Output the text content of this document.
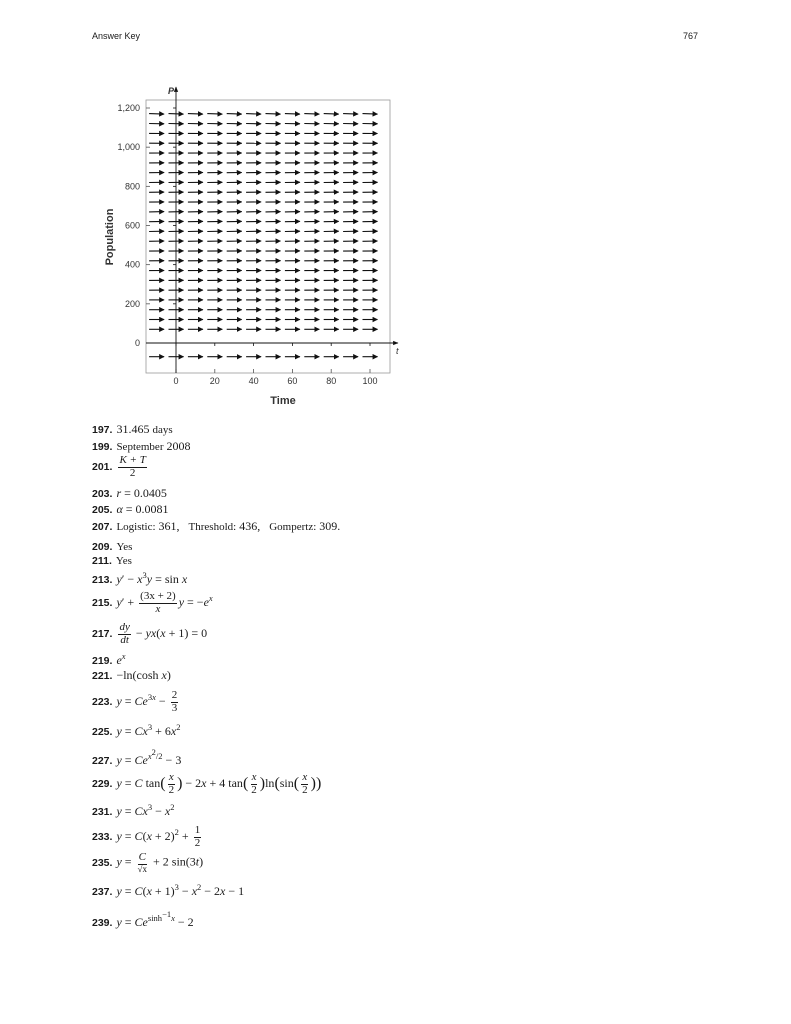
Answer Key	767
0	20	40	60	80	100
0
200
400
600
800
1,000
1,200
P
t
Time
Population
197. 31.465 days
199. September 2008
201. $\frac{K + T}{2}$
203. r = 0.0405
205. α = 0.0081
207. Logistic: 361, Threshold: 436, Gompertz: 309.
209. Yes
211. Yes
213. $y' - x^3y = \sin x$
215. $y' + \frac{(3x + 2)}{x}$ $y = -e^x$
217. $\frac{dy}{dt} - yx(x + 1) = 0$
219. $e^x$
221. −ln(cosh x)
223. $y = Ce^{3x} - \frac{2}{3}$
225. $y = Cx^3 + 6x^2$
227. $y = Ce^{x^2/2} - 3$
229. y = C $\tan( \frac{x}{2}$ ) − 2x + 4 $\tan( \frac{x}{2} )\ln(\sin( \frac{x}{2}$ ))
231. $y = Cx^3 - x^2$
233. $y = C(x + 2)^2 + \frac{1}{2}$
235. $y = \frac{C}{√x} + 2$ sin(3t)
237. $y = C(x + 1)^3 - x^2 - 2x - 1$
239. $y = Ce^{sinh^{-1}x} - 2$
